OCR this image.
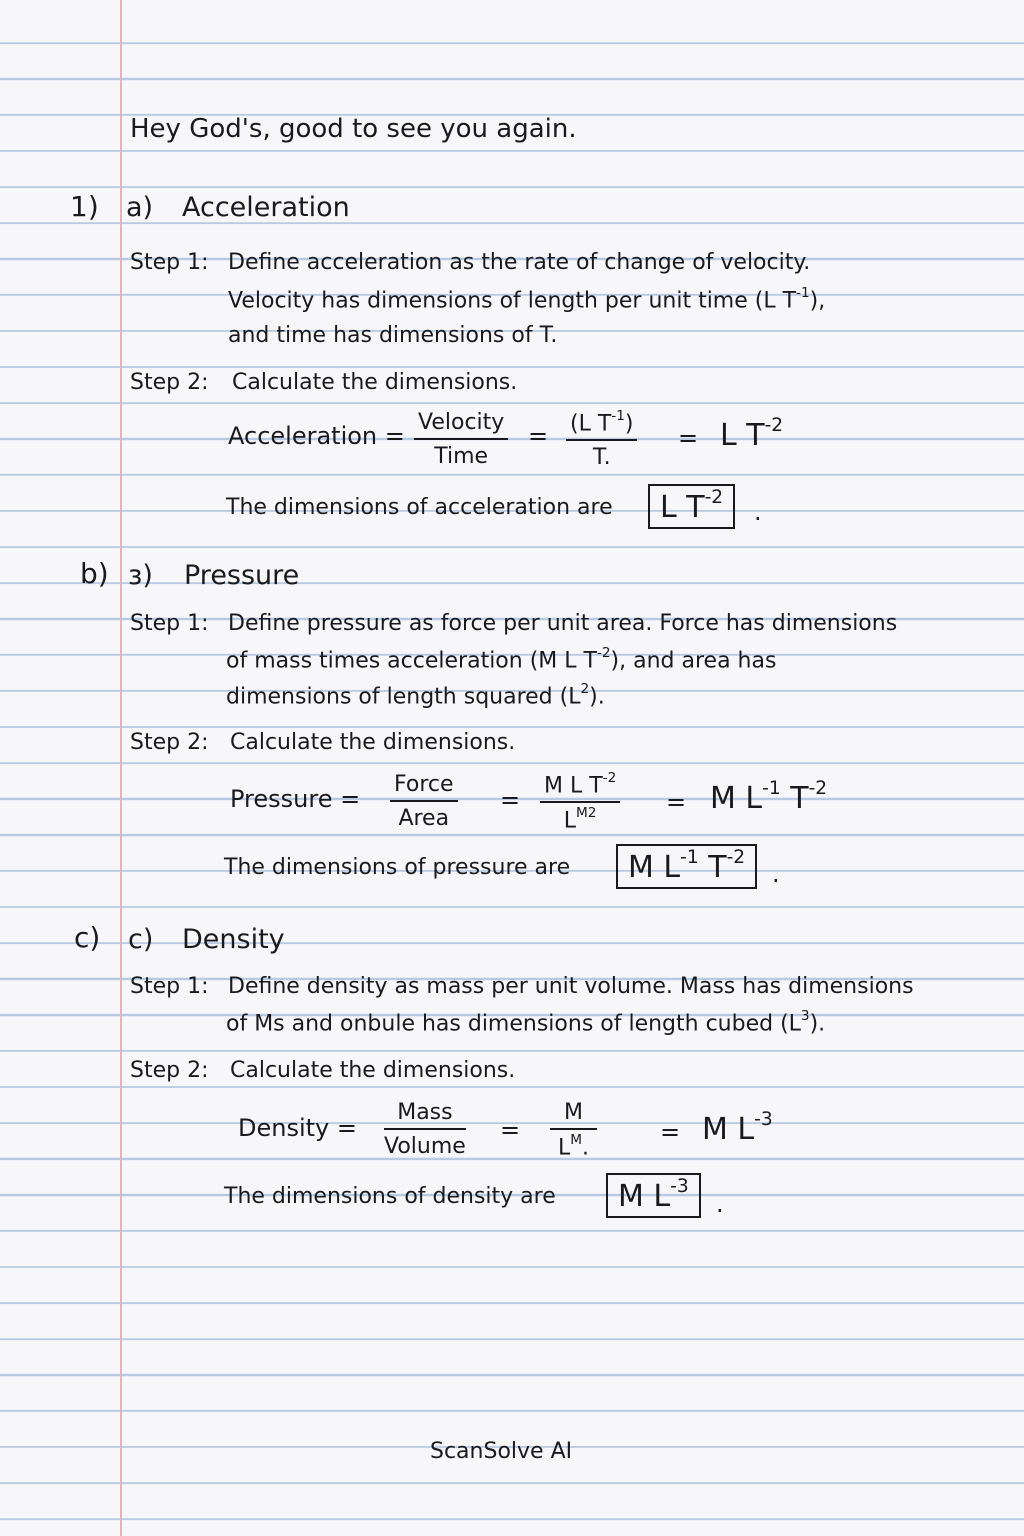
Hey God's, good to see you again.
1) a) Acceleration
Step 1: Define acceleration as the rate of change of velocity.
Velocity has dimensions of length per unit time (L $T^{-1}$),
and time has dimensions of T.
Step 2: Calculate the dimensions.
Acceleration = Velocity
Time
= $\frac{(L T^{-1})}{T.} = L$ $T^{-2}$
The dimensions of acceleration are	L $T^{-2}$
.
b) з) Pressure
Step 1: Define pressure as force per unit area. Force has dimensions
of mass times acceleration (M L $T^{-2}$), and area has
dimensions of length squared $(L^2)$.
Step 2: Calculate the dimensions.
Pressure =
Force
Area
= $\frac{M L T^{-2}}{L^{M2}} = M$ $L^{-1}$ $T^{-2}$
The dimensions of pressure are	M $L^{-1}$ $T^{-2}$
.
c) c) Density
Step 1: Define density as mass per unit volume. Mass has dimensions
of Ms and onbule has dimensions of length cubed $(L^3)$.
Step 2: Calculate the dimensions.
Density =
Mass
Volume
= $\frac{M}{L^M.}$	= M $L^{-3}$
The dimensions of density are	M $L^{-3}$
.
ScanSolve AI
